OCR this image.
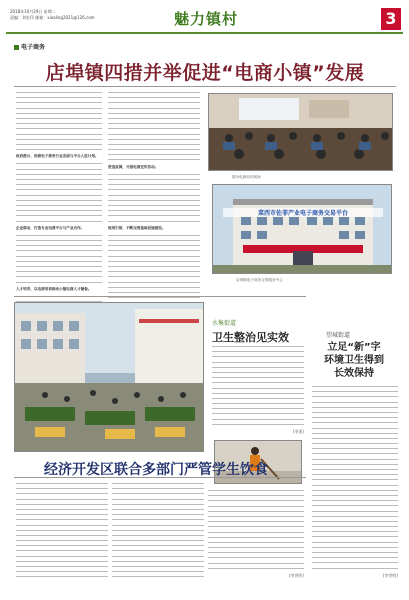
2018年10月29日 星期二
责编：刘宏印 邮箱：xiaoling2021@126.com	魅力镇村	3
电子商务
店埠镇四措并举促进“电商小镇”发展
政府搭台，洽商电子商务行业发展与平台入驻计划。
企业联动，打造专业电商平台与产业合作。
人才培养，以电商培训推动小镇电商人才储备。
营造氛围，开展电商宣传活动。
规划引领，不断完善基础设施建设。
图为电商培训现场
菜西市佐菲产业电子商务交易平台
店埠镇电子商务交易服务中心
望城街道
立足“新”字
环境卫生得到
长效保持
(李世明)
水集街道
卫生整治见实效
(李道)
经济开发区联合多部门严管学生饮食
(李世明)
